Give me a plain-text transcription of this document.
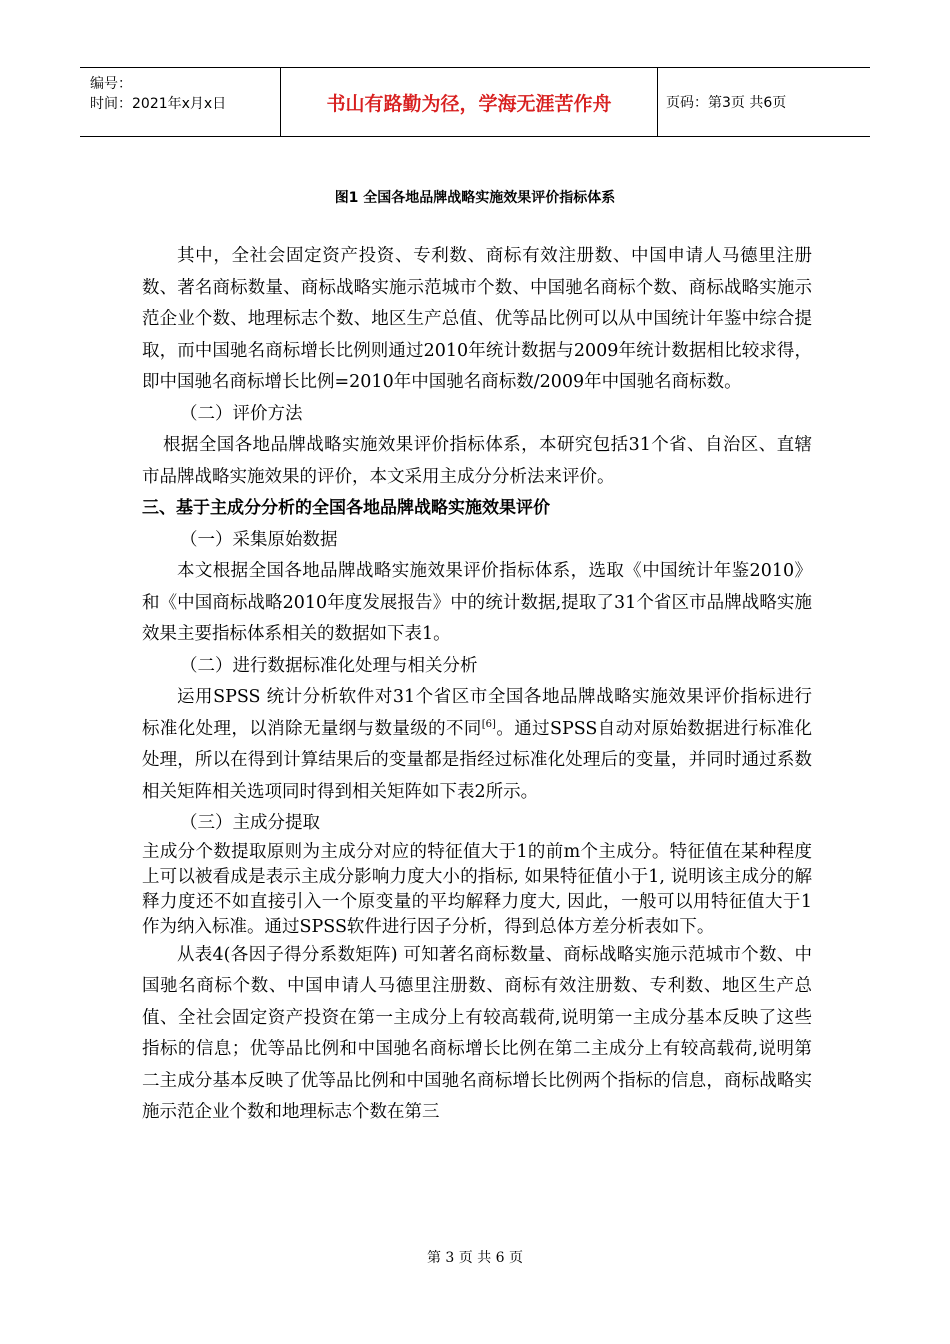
编号：
时间：2021年x月x日	书山有路勤为径，学海无涯苦作舟	页码：第3页 共6页
图1 全国各地品牌战略实施效果评价指标体系

其中，全社会固定资产投资、专利数、商标有效注册数、中国申请人马德里注册数、著名商标数量、商标战略实施示范城市个数、中国驰名商标个数、商标战略实施示范企业个数、地理标志个数、地区生产总值、优等品比例可以从中国统计年鉴中综合提取，而中国驰名商标增长比例则通过2010年统计数据与2009年统计数据相比较求得，即中国驰名商标增长比例=2010年中国驰名商标数/2009年中国驰名商标数。

（二）评价方法

根据全国各地品牌战略实施效果评价指标体系，本研究包括31个省、自治区、直辖市品牌战略实施效果的评价，本文采用主成分分析法来评价。

三、基于主成分分析的全国各地品牌战略实施效果评价

（一）采集原始数据

本文根据全国各地品牌战略实施效果评价指标体系，选取《中国统计年鉴2010》和《中国商标战略2010年度发展报告》中的统计数据,提取了31个省区市品牌战略实施效果主要指标体系相关的数据如下表1。

（二）进行数据标准化处理与相关分析

运用SPSS 统计分析软件对31个省区市全国各地品牌战略实施效果评价指标进行标准化处理，以消除无量纲与数量级的不同[6]。通过SPSS自动对原始数据进行标准化处理，所以在得到计算结果后的变量都是指经过标准化处理后的变量，并同时通过系数相关矩阵相关选项同时得到相关矩阵如下表2所示。

（三）主成分提取

主成分个数提取原则为主成分对应的特征值大于1的前m个主成分。特征值在某种程度上可以被看成是表示主成分影响力度大小的指标, 如果特征值小于1, 说明该主成分的解释力度还不如直接引入一个原变量的平均解释力度大, 因此，一般可以用特征值大于1 作为纳入标准。通过SPSS软件进行因子分析，得到总体方差分析表如下。

从表4(各因子得分系数矩阵) 可知著名商标数量、商标战略实施示范城市个数、中国驰名商标个数、中国申请人马德里注册数、商标有效注册数、专利数、地区生产总值、全社会固定资产投资在第一主成分上有较高载荷,说明第一主成分基本反映了这些指标的信息；优等品比例和中国驰名商标增长比例在第二主成分上有较高载荷,说明第二主成分基本反映了优等品比例和中国驰名商标增长比例两个指标的信息，商标战略实施示范企业个数和地理标志个数在第三

第 3 页 共 6 页
